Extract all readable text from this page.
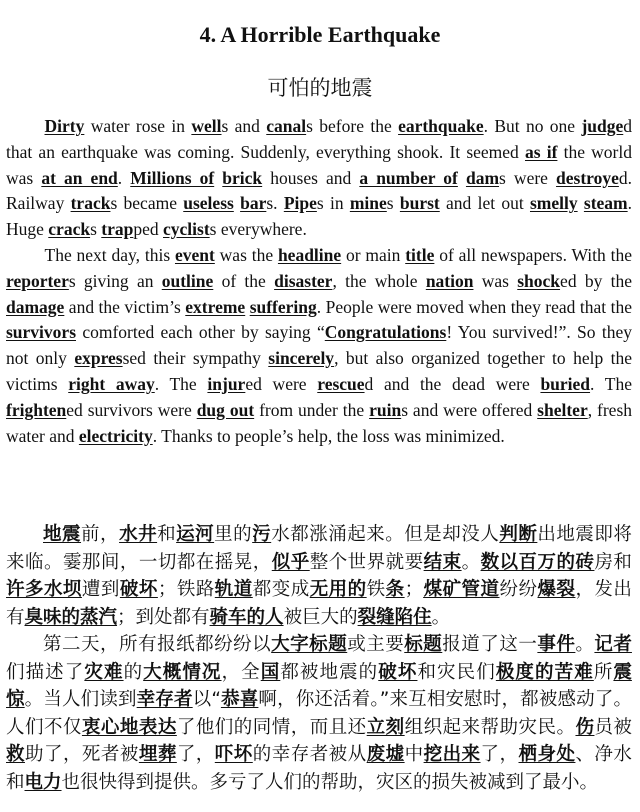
4. A Horrible Earthquake
可怕的地震

Dirty water rose in wells and canals before the earthquake. But no one judged that an earthquake was coming. Suddenly, everything shook. It seemed as if the world was at an end. Millions of brick houses and a number of dams were destroyed. Railway tracks became useless bars. Pipes in mines burst and let out smelly steam. Huge cracks trapped cyclists everywhere.

The next day, this event was the headline or main title of all newspapers. With the reporters giving an outline of the disaster, the whole nation was shocked by the damage and the victim’s extreme suffering. People were moved when they read that the survivors comforted each other by saying “Congratulations! You survived!”. So they not only expressed their sympathy sincerely, but also organized together to help the victims right away. The injured were rescued and the dead were buried. The frightened survivors were dug out from under the ruins and were offered shelter, fresh water and electricity. Thanks to people’s help, the loss was minimized.

地震前，水井和运河里的污水都涨涌起来。但是却没人判断出地震即将来临。霎那间，一切都在摇晃，似乎整个世界就要结束。数以百万的砖房和许多水坝遭到破坏；铁路轨道都变成无用的铁条；煤矿管道纷纷爆裂，发出有臭味的蒸汽；到处都有骑车的人被巨大的裂缝陷住。

第二天，所有报纸都纷纷以大字标题或主要标题报道了这一事件。记者们描述了灾难的大概情况，全国都被地震的破坏和灾民们极度的苦难所震惊。当人们读到幸存者以“恭喜啊，你还活着。”来互相安慰时，都被感动了。人们不仅衷心地表达了他们的同情，而且还立刻组织起来帮助灾民。伤员被救助了，死者被埋葬了，吓坏的幸存者被从废墟中挖出来了，栖身处、净水和电力也很快得到提供。多亏了人们的帮助，灾区的损失被减到了最小。
